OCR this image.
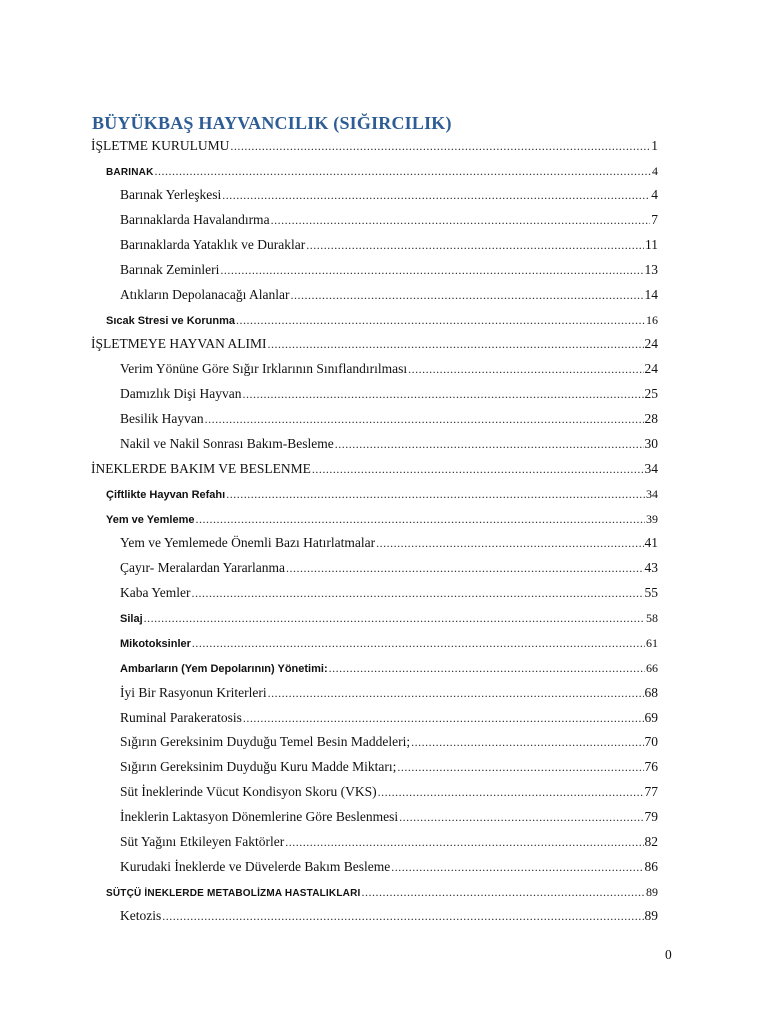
BÜYÜKBAŞ HAYVANCILIK (SIĞIRCILIK)
İŞLETME KURULUMU .....	1
BARINAK .....	4
Barınak Yerleşkesi .....	4
Barınaklarda Havalandırma .....	7
Barınaklarda Yataklık ve Duraklar .....	11
Barınak Zeminleri .....	13
Atıkların Depolanacağı Alanlar .....	14
Sıcak Stresi ve Korunma .....	16
İŞLETMEYE HAYVAN ALIMI .....	24
Verim Yönüne Göre Sığır Irklarının Sınıflandırılması .....	24
Damızlık Dişi Hayvan .....	25
Besilik Hayvan .....	28
Nakil ve Nakil Sonrası Bakım-Besleme .....	30
İNEKLERDE BAKIM VE BESLENME .....	34
Çiftlikte Hayvan Refahı .....	34
Yem ve Yemleme .....	39
Yem ve Yemlemede Önemli Bazı Hatırlatmalar .....	41
Çayır- Meralardan Yararlanma .....	43
Kaba Yemler .....	55
Silaj .....	58
Mikotoksinler .....	61
Ambarların (Yem Depolarının) Yönetimi: .....	66
İyi Bir Rasyonun Kriterleri .....	68
Ruminal Parakeratosis .....	69
Sığırın Gereksinim Duyduğu Temel Besin Maddeleri; .....	70
Sığırın Gereksinim Duyduğu Kuru Madde Miktarı; .....	76
Süt İneklerinde Vücut Kondisyon Skoru (VKS) .....	77
İneklerin Laktasyon Dönemlerine Göre Beslenmesi .....	79
Süt Yağını Etkileyen Faktörler .....	82
Kurudaki İneklerde ve Düvelerde Bakım Besleme .....	86
SÜTÇÜ İNEKLERDE METABOLİZMA HASTALIKLARI .....	89
Ketozis .....	89
0
